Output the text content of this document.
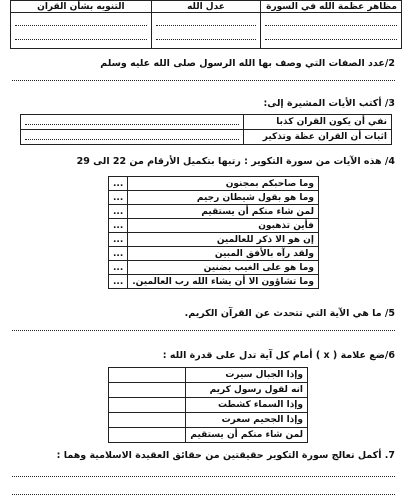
مظاهر عظمة الله في السورة	عدل الله	التنويه بشأن القران

2/عدد الصفات التي وصف بها الله الرسول صلى الله عليه وسلم
3/ أكتب الأيات المشيرة إلى:
نفي أن يكون القران كذبا	

اثبات أن القران عظة وتذكير	
4/ هذه الآيات من سورة التكوير : رتبها بتكميل الأرقام من 22 الى 29
وما صاحبكم بمجنون	...
وما هو بقول شيطان رجيم	...
لمن شاء منكم أن يستقيم	...
فأين تذهبون	...
إن هو الا ذكر للعالمين	...
ولقد رآه بالأفق المبين	...
وما هو على الغيب بضنين	...
وما تشاؤون الا أن يشاء الله رب العالمين.	...
5/ ما هي الآية التي تتحدث عن القرآن الكريم.
6/ضع علامة ( x ) أمام كل آية تدل على قدرة الله :
وإذا الجبال سيرت	
انه لقول رسول كريم	
وإذا السماء كشطت	
وإذا الجحيم سعرت	
لمن شاء منكم أن يستقيم	
7. أكمل تعالج سورة التكوير حقيقتين من حقائق العقيدة الاسلامية وهما :
